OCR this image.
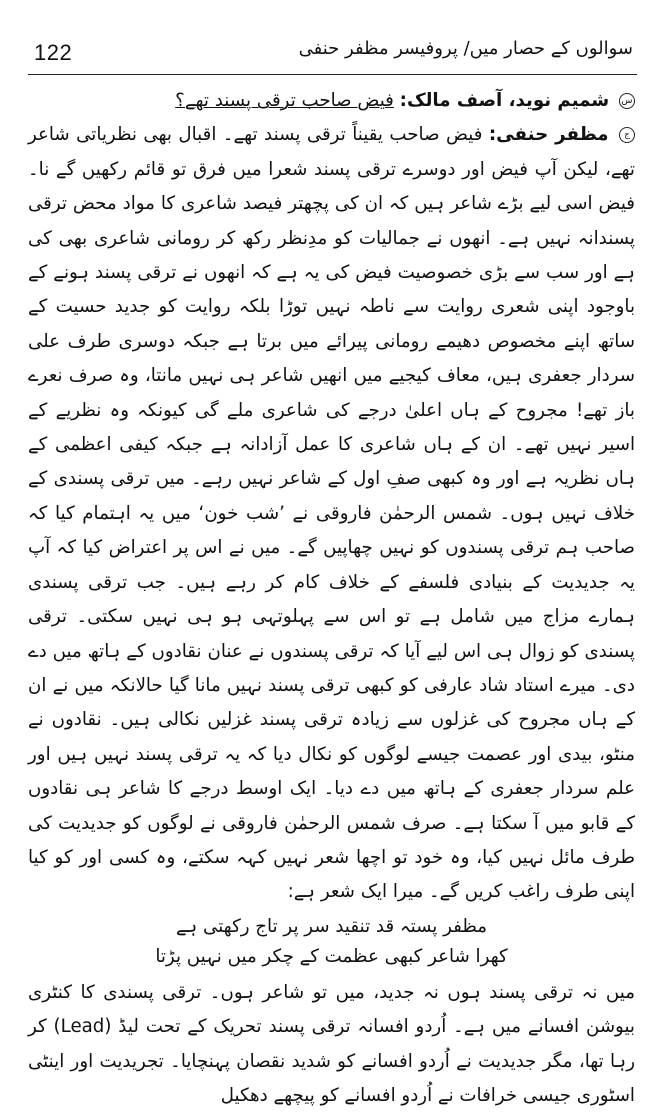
122	سوالوں کے حصار میں/ پروفیسر مظفر حنفی

س شمیم نوید، آصف مالک: فیض صاحب ترقی پسند تھے؟

ج مظفر حنفی: فیض صاحب یقیناً ترقی پسند تھے۔ اقبال بھی نظریاتی شاعر تھے، لیکن آپ فیض اور دوسرے ترقی پسند شعرا میں فرق تو قائم رکھیں گے نا۔ فیض اسی لیے بڑے شاعر ہیں کہ ان کی پچھتر فیصد شاعری کا مواد محض ترقی پسندانہ نہیں ہے۔ انھوں نے جمالیات کو مدِنظر رکھ کر رومانی شاعری بھی کی ہے اور سب سے بڑی خصوصیت فیض کی یہ ہے کہ انھوں نے ترقی پسند ہونے کے باوجود اپنی شعری روایت سے ناطہ نہیں توڑا بلکہ روایت کو جدید حسیت کے ساتھ اپنے مخصوص دھیمے رومانی پیرائے میں برتا ہے جبکہ دوسری طرف علی سردار جعفری ہیں، معاف کیجیے میں انھیں شاعر ہی نہیں مانتا، وہ صرف نعرے باز تھے! مجروح کے ہاں اعلیٰ درجے کی شاعری ملے گی کیونکہ وہ نظریے کے اسیر نہیں تھے۔ ان کے ہاں شاعری کا عمل آزادانہ ہے جبکہ کیفی اعظمی کے ہاں نظریہ ہے اور وہ کبھی صفِ اول کے شاعر نہیں رہے۔ میں ترقی پسندی کے خلاف نہیں ہوں۔ شمس الرحمٰن فاروقی نے ’شب خون‘ میں یہ اہتمام کیا کہ صاحب ہم ترقی پسندوں کو نہیں چھاپیں گے۔ میں نے اس پر اعتراض کیا کہ آپ یہ جدیدیت کے بنیادی فلسفے کے خلاف کام کر رہے ہیں۔ جب ترقی پسندی ہمارے مزاج میں شامل ہے تو اس سے پہلوتہی ہو ہی نہیں سکتی۔ ترقی پسندی کو زوال ہی اس لیے آیا کہ ترقی پسندوں نے عنان نقادوں کے ہاتھ میں دے دی۔ میرے استاد شاد عارفی کو کبھی ترقی پسند نہیں مانا گیا حالانکہ میں نے ان کے ہاں مجروح کی غزلوں سے زیادہ ترقی پسند غزلیں نکالی ہیں۔ نقادوں نے منٹو، بیدی اور عصمت جیسے لوگوں کو نکال دیا کہ یہ ترقی پسند نہیں ہیں اور علم سردار جعفری کے ہاتھ میں دے دیا۔ ایک اوسط درجے کا شاعر ہی نقادوں کے قابو میں آ سکتا ہے۔ صرف شمس الرحمٰن فاروقی نے لوگوں کو جدیدیت کی طرف مائل نہیں کیا، وہ خود تو اچھا شعر نہیں کہہ سکتے، وہ کسی اور کو کیا اپنی طرف راغب کریں گے۔ میرا ایک شعر ہے:

مظفر پستہ قد تنقید سر پر تاج رکھتی ہے
کھرا شاعر کبھی عظمت کے چکر میں نہیں پڑتا

میں نہ ترقی پسند ہوں نہ جدید، میں تو شاعر ہوں۔ ترقی پسندی کا کنٹری بیوشن افسانے میں ہے۔ اُردو افسانہ ترقی پسند تحریک کے تحت لیڈ (Lead) کر رہا تھا، مگر جدیدیت نے اُردو افسانے کو شدید نقصان پہنچایا۔ تجریدیت اور اینٹی اسٹوری جیسی خرافات نے اُردو افسانے کو پیچھے دھکیل
